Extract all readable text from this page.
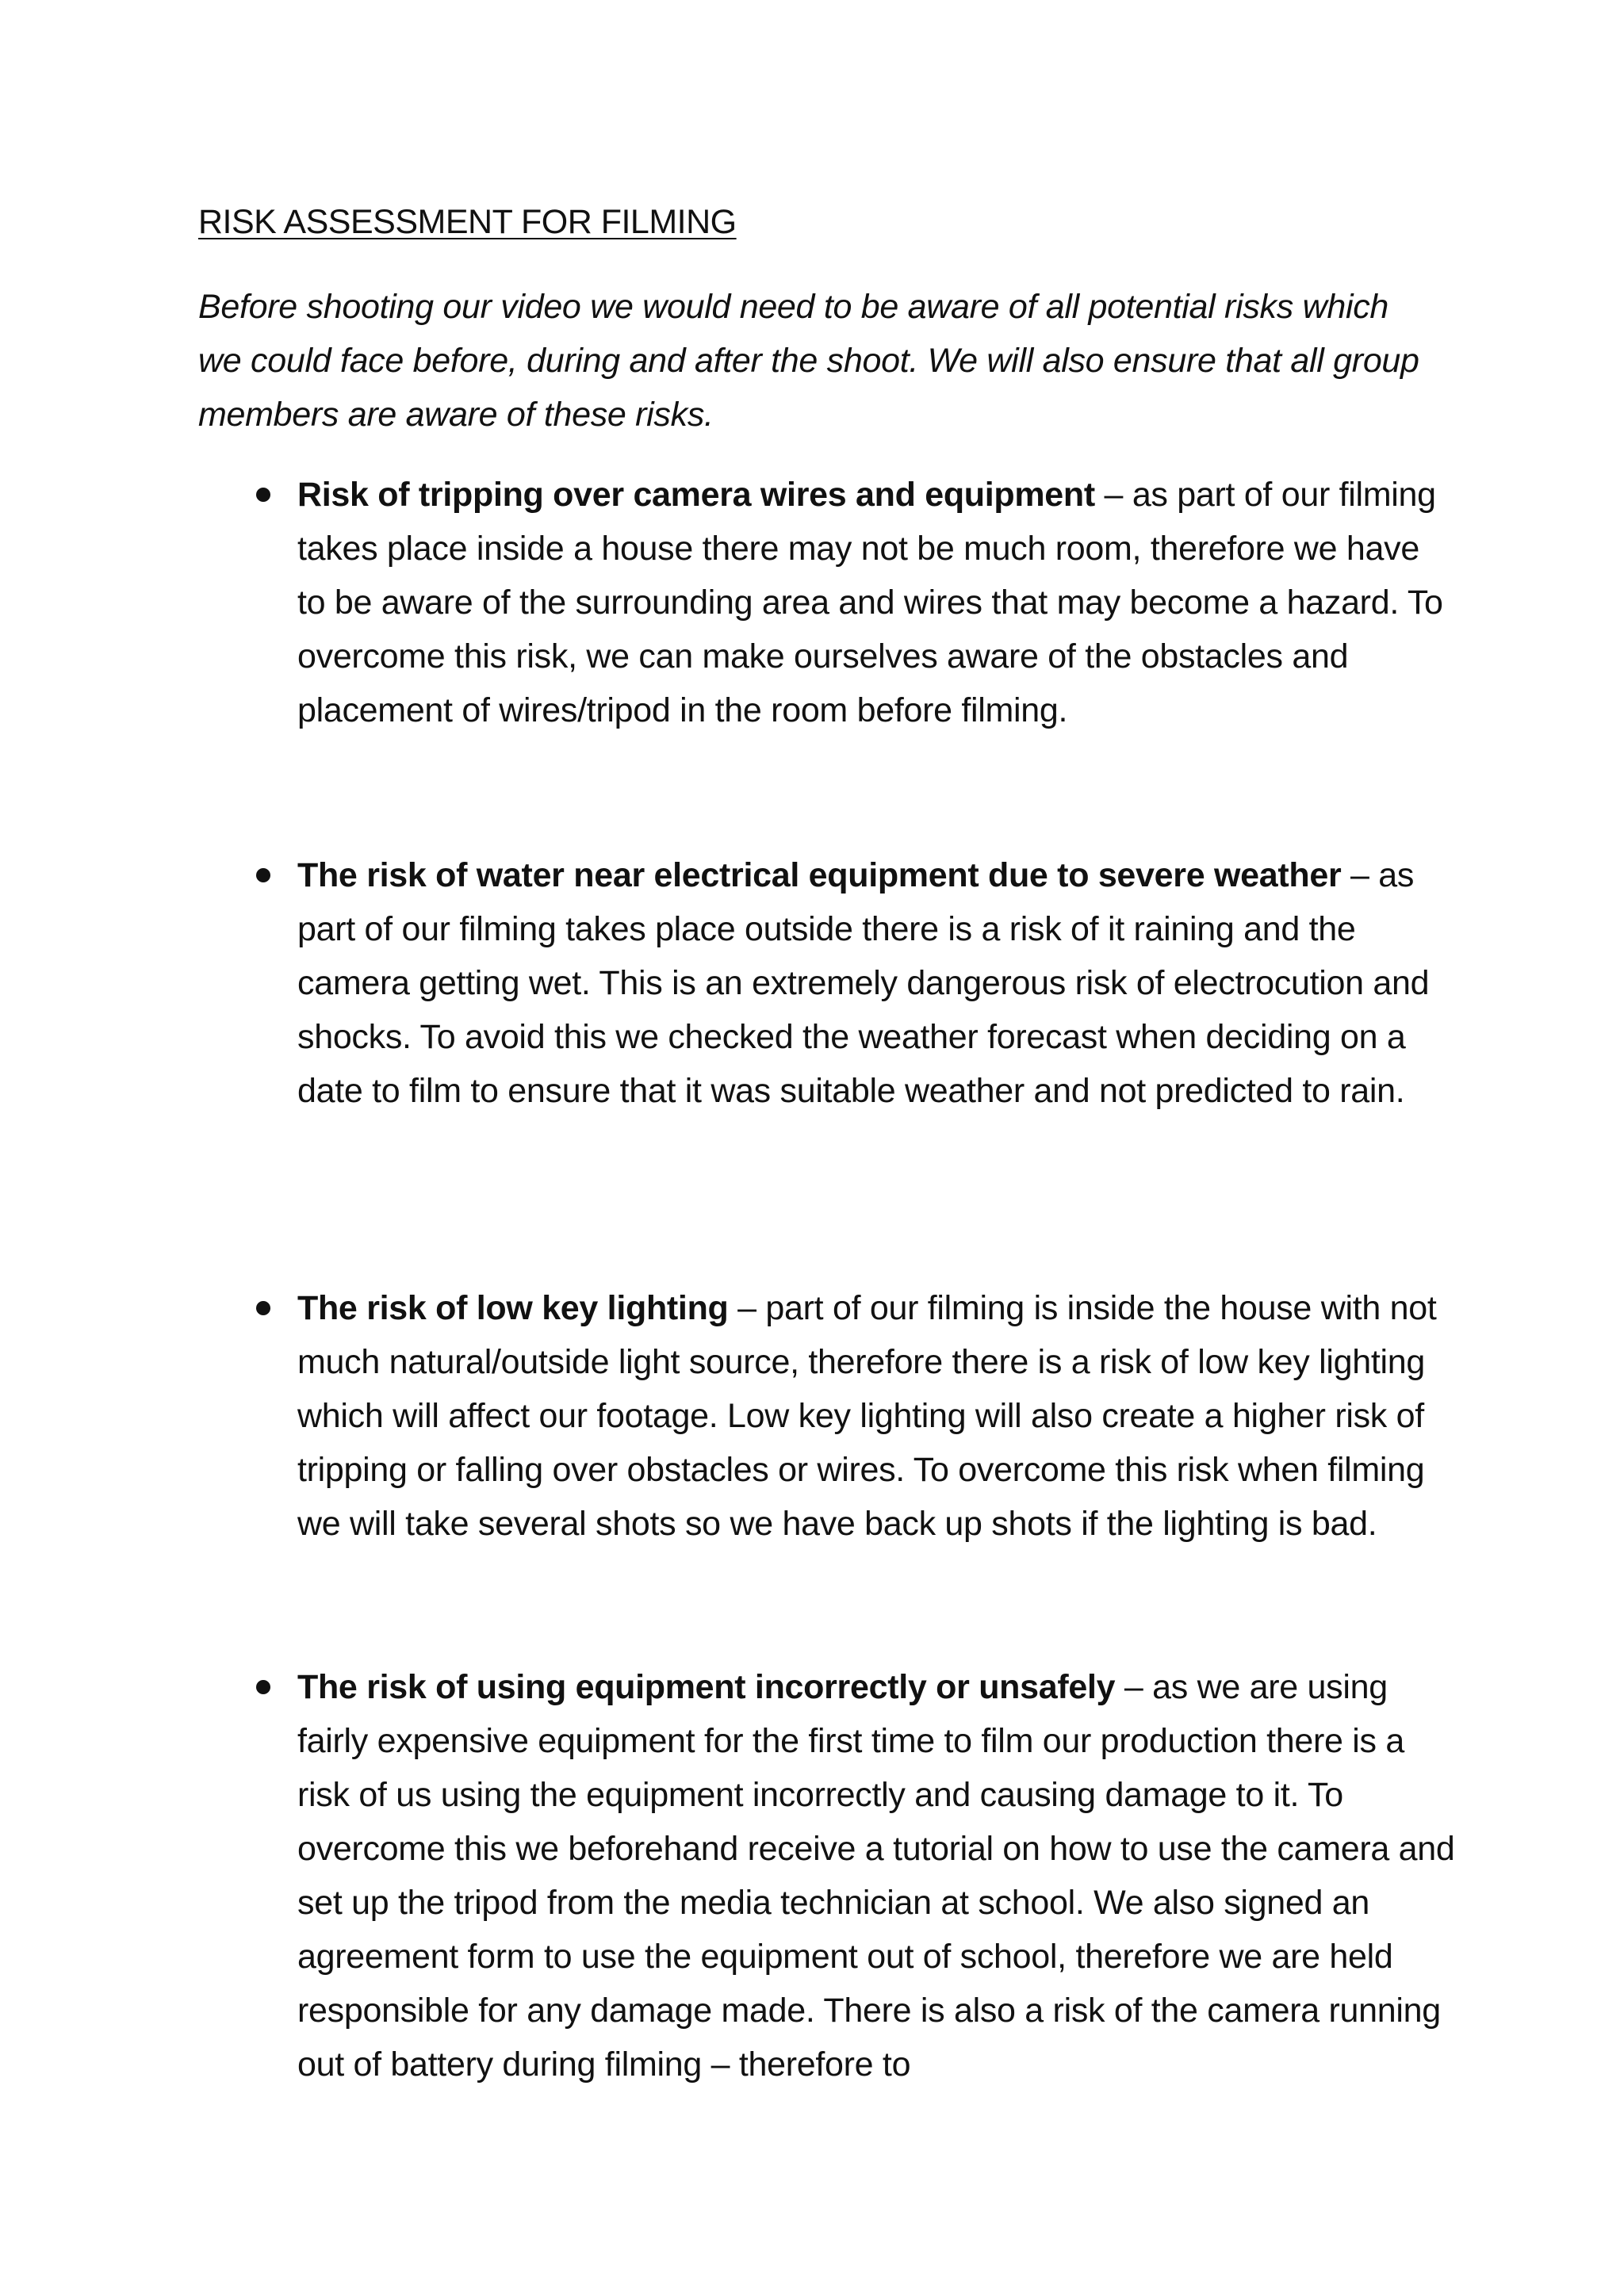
RISK ASSESSMENT FOR FILMING

Before shooting our video we would need to be aware of all potential risks which we could face before, during and after the shoot. We will also ensure that all group members are aware of these risks.

Risk of tripping over camera wires and equipment – as part of our filming takes place inside a house there may not be much room, therefore we have to be aware of the surrounding area and wires that may become a hazard. To overcome this risk, we can make ourselves aware of the obstacles and placement of wires/tripod in the room before filming.
The risk of water near electrical equipment due to severe weather – as part of our filming takes place outside there is a risk of it raining and the camera getting wet. This is an extremely dangerous risk of electrocution and shocks. To avoid this we checked the weather forecast when deciding on a date to film to ensure that it was suitable weather and not predicted to rain.
The risk of low key lighting – part of our filming is inside the house with not much natural/outside light source, therefore there is a risk of low key lighting which will affect our footage. Low key lighting will also create a higher risk of tripping or falling over obstacles or wires. To overcome this risk when filming we will take several shots so we have back up shots if the lighting is bad.
The risk of using equipment incorrectly or unsafely – as we are using fairly expensive equipment for the first time to film our production there is a risk of us using the equipment incorrectly and causing damage to it. To overcome this we beforehand receive a tutorial on how to use the camera and set up the tripod from the media technician at school. We also signed an agreement form to use the equipment out of school, therefore we are held responsible for any damage made. There is also a risk of the camera running out of battery during filming – therefore to
